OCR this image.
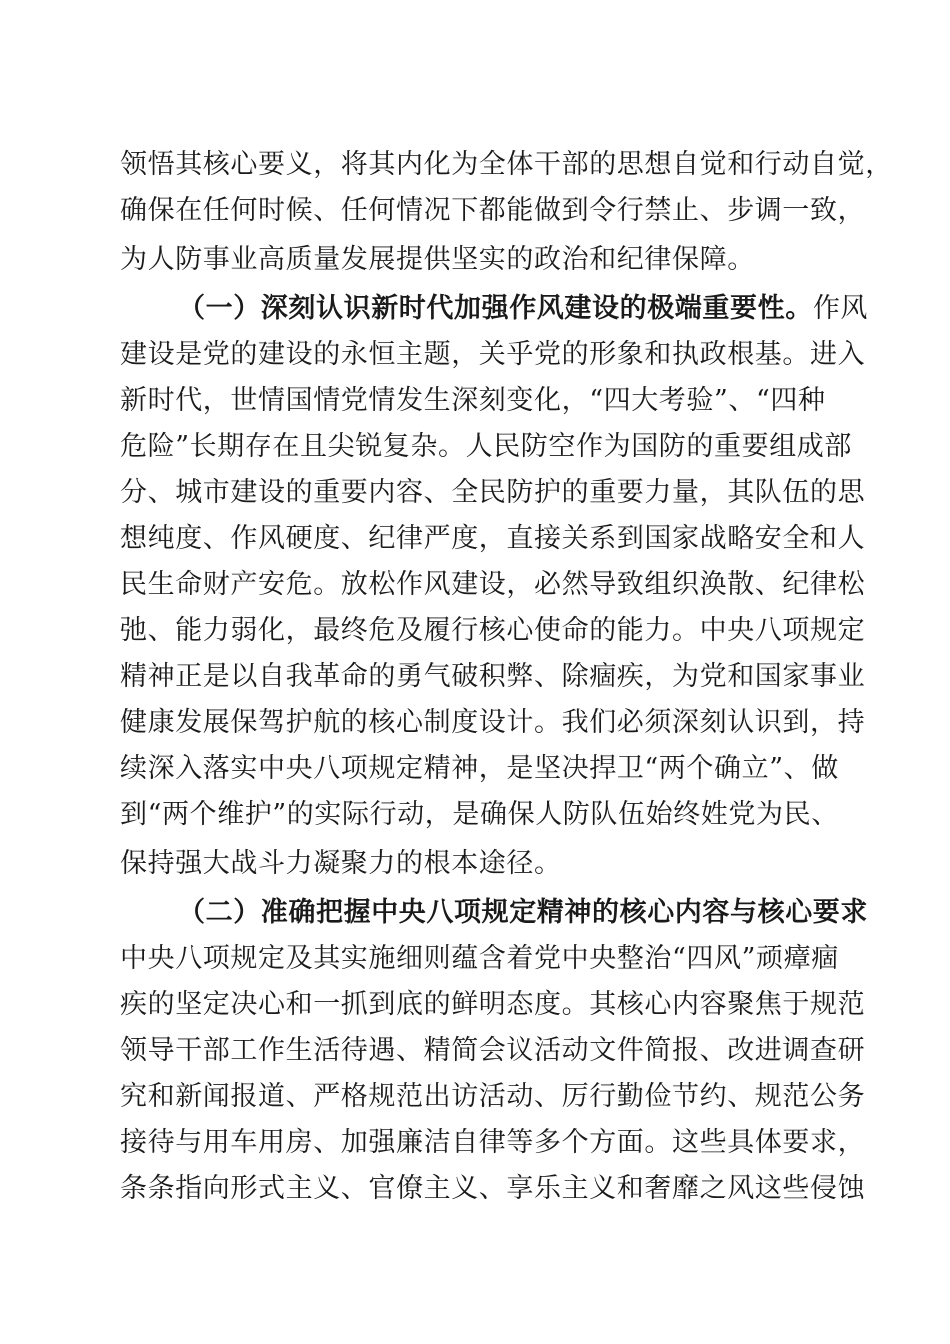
领悟其核心要义，将其内化为全体干部的思想自觉和行动自觉，
确保在任何时候、任何情况下都能做到令行禁止、步调一致，
为人防事业高质量发展提供坚实的政治和纪律保障。
（一）深刻认识新时代加强作风建设的极端重要性。作风
建设是党的建设的永恒主题，关乎党的形象和执政根基。进入
新时代，世情国情党情发生深刻变化，“四大考验”、“四种
危险”长期存在且尖锐复杂。人民防空作为国防的重要组成部
分、城市建设的重要内容、全民防护的重要力量，其队伍的思
想纯度、作风硬度、纪律严度，直接关系到国家战略安全和人
民生命财产安危。放松作风建设，必然导致组织涣散、纪律松
弛、能力弱化，最终危及履行核心使命的能力。中央八项规定
精神正是以自我革命的勇气破积弊、除痼疾，为党和国家事业
健康发展保驾护航的核心制度设计。我们必须深刻认识到，持
续深入落实中央八项规定精神，是坚决捍卫“两个确立”、做
到“两个维护”的实际行动，是确保人防队伍始终姓党为民、
保持强大战斗力凝聚力的根本途径。
（二）准确把握中央八项规定精神的核心内容与核心要求
中央八项规定及其实施细则蕴含着党中央整治“四风”顽瘴痼
疾的坚定决心和一抓到底的鲜明态度。其核心内容聚焦于规范
领导干部工作生活待遇、精简会议活动文件简报、改进调查研
究和新闻报道、严格规范出访活动、厉行勤俭节约、规范公务
接待与用车用房、加强廉洁自律等多个方面。这些具体要求，
条条指向形式主义、官僚主义、享乐主义和奢靡之风这些侵蚀
